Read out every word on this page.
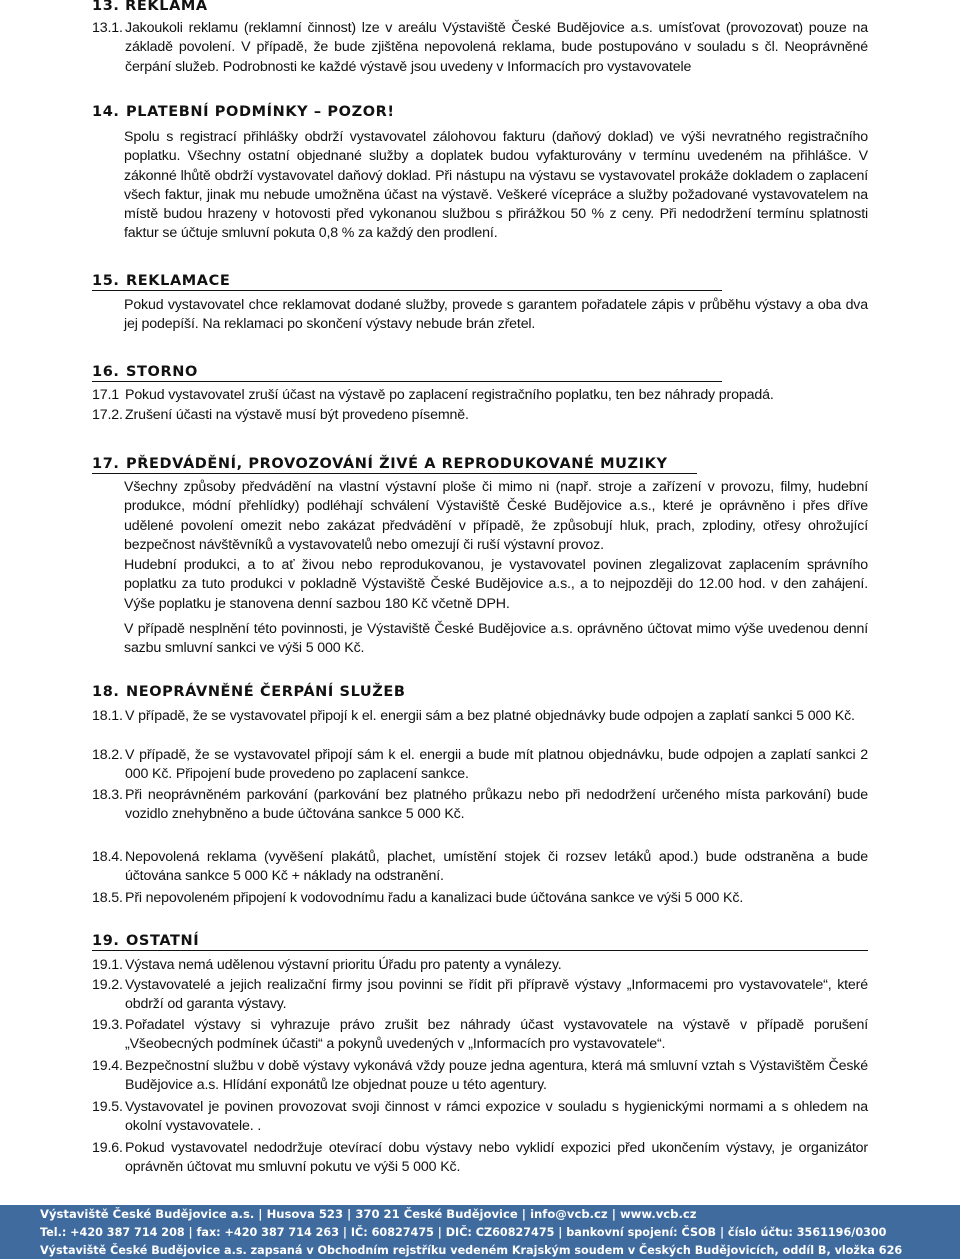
13. REKLAMA
13.1. Jakoukoli reklamu (reklamní činnost) lze v areálu Výstaviště České Budějovice a.s. umísťovat (provozovat) pouze na základě povolení. V případě, že bude zjištěna nepovolená reklama, bude postupováno v souladu s čl. Neoprávněné čerpání služeb. Podrobnosti ke každé výstavě jsou uvedeny v Informacích pro vystavovatele
14. PLATEBNÍ PODMÍNKY – POZOR!
Spolu s registrací přihlášky obdrží vystavovatel zálohovou fakturu (daňový doklad) ve výši nevratného registračního poplatku. Všechny ostatní objednané služby a doplatek budou vyfakturovány v termínu uvedeném na přihlášce. V zákonné lhůtě obdrží vystavovatel daňový doklad. Při nástupu na výstavu se vystavovatel prokáže dokladem o zaplacení všech faktur, jinak mu nebude umožněna účast na výstavě. Veškeré vícepráce a služby požadované vystavovatelem na místě budou hrazeny v hotovosti před vykonanou službou s přirážkou 50 % z ceny. Při nedodržení termínu splatnosti faktur se účtuje smluvní pokuta 0,8 % za každý den prodlení.
15. REKLAMACE
Pokud vystavovatel chce reklamovat dodané služby, provede s garantem pořadatele zápis v průběhu výstavy a oba dva jej podepíší. Na reklamaci po skončení výstavy nebude brán zřetel.
16. STORNO
17.1 Pokud vystavovatel zruší účast na výstavě po zaplacení registračního poplatku, ten bez náhrady propadá.
17.2. Zrušení účasti na výstavě musí být provedeno písemně.
17. PŘEDVÁDĚNÍ, PROVOZOVÁNÍ ŽIVÉ A REPRODUKOVANÉ MUZIKY
Všechny způsoby předvádění na vlastní výstavní ploše či mimo ni (např. stroje a zařízení v provozu, filmy, hudební produkce, módní přehlídky) podléhají schválení Výstaviště České Budějovice a.s., které je oprávněno i přes dříve udělené povolení omezit nebo zakázat předvádění v případě, že způsobují hluk, prach, zplodiny, otřesy ohrožující bezpečnost návštěvníků a vystavovatelů nebo omezují či ruší výstavní provoz.
Hudební produkci, a to ať živou nebo reprodukovanou, je vystavovatel povinen zlegalizovat zaplacením správního poplatku za tuto produkci v pokladně Výstaviště České Budějovice a.s., a to nejpozději do 12.00 hod. v den zahájení. Výše poplatku je stanovena denní sazbou 180 Kč včetně DPH.
V případě nesplnění této povinnosti, je Výstaviště České Budějovice a.s. oprávněno účtovat mimo výše uvedenou denní sazbu smluvní sankci ve výši 5 000 Kč.
18. NEOPRÁVNĚNÉ ČERPÁNÍ SLUŽEB
18.1. V případě, že se vystavovatel připojí k el. energii sám a bez platné objednávky bude odpojen a zaplatí sankci 5 000 Kč.
18.2. V případě, že se vystavovatel připojí sám k el. energii a bude mít platnou objednávku, bude odpojen a zaplatí sankci 2 000 Kč. Připojení bude provedeno po zaplacení sankce.
18.3. Při neoprávněném parkování (parkování bez platného průkazu nebo při nedodržení určeného místa parkování) bude vozidlo znehybněno a bude účtována sankce 5 000 Kč.
18.4. Nepovolená reklama (vyvěšení plakátů, plachet, umístění stojek či rozsev letáků apod.) bude odstraněna a bude účtována sankce 5 000 Kč + náklady na odstranění.
18.5. Při nepovoleném připojení k vodovodnímu řadu a kanalizaci bude účtována sankce ve výši 5 000 Kč.
19. OSTATNÍ
19.1. Výstava nemá udělenou výstavní prioritu Úřadu pro patenty a vynálezy.
19.2. Vystavovatelé a jejich realizační firmy jsou povinni se řídit při přípravě výstavy „Informacemi pro vystavovatele“, které obdrží od garanta výstavy.
19.3. Pořadatel výstavy si vyhrazuje právo zrušit bez náhrady účast vystavovatele na výstavě v případě porušení „Všeobecných podmínek účasti“ a pokynů uvedených v „Informacích pro vystavovatele“.
19.4. Bezpečnostní službu v době výstavy vykonává vždy pouze jedna agentura, která má smluvní vztah s Výstavištěm České Budějovice a.s. Hlídání exponátů lze objednat pouze u této agentury.
19.5. Vystavovatel je povinen provozovat svoji činnost v rámci expozice v souladu s hygienickými normami a s ohledem na okolní vystavovatele. .
19.6. Pokud vystavovatel nedodržuje otevírací dobu výstavy nebo vyklidí expozici před ukončením výstavy, je organizátor oprávněn účtovat mu smluvní pokutu ve výši 5 000 Kč.
Výstaviště České Budějovice a.s. | Husova 523 | 370 21 České Budějovice | info@vcb.cz | www.vcb.cz
Tel.: +420 387 714 208 | fax: +420 387 714 263 | IČ: 60827475 | DIČ: CZ60827475 | bankovní spojení: ČSOB | číslo účtu: 3561196/0300
Výstaviště České Budějovice a.s. zapsaná v Obchodním rejstříku vedeném Krajským soudem v Českých Budějovicích, oddíl B, vložka 626
